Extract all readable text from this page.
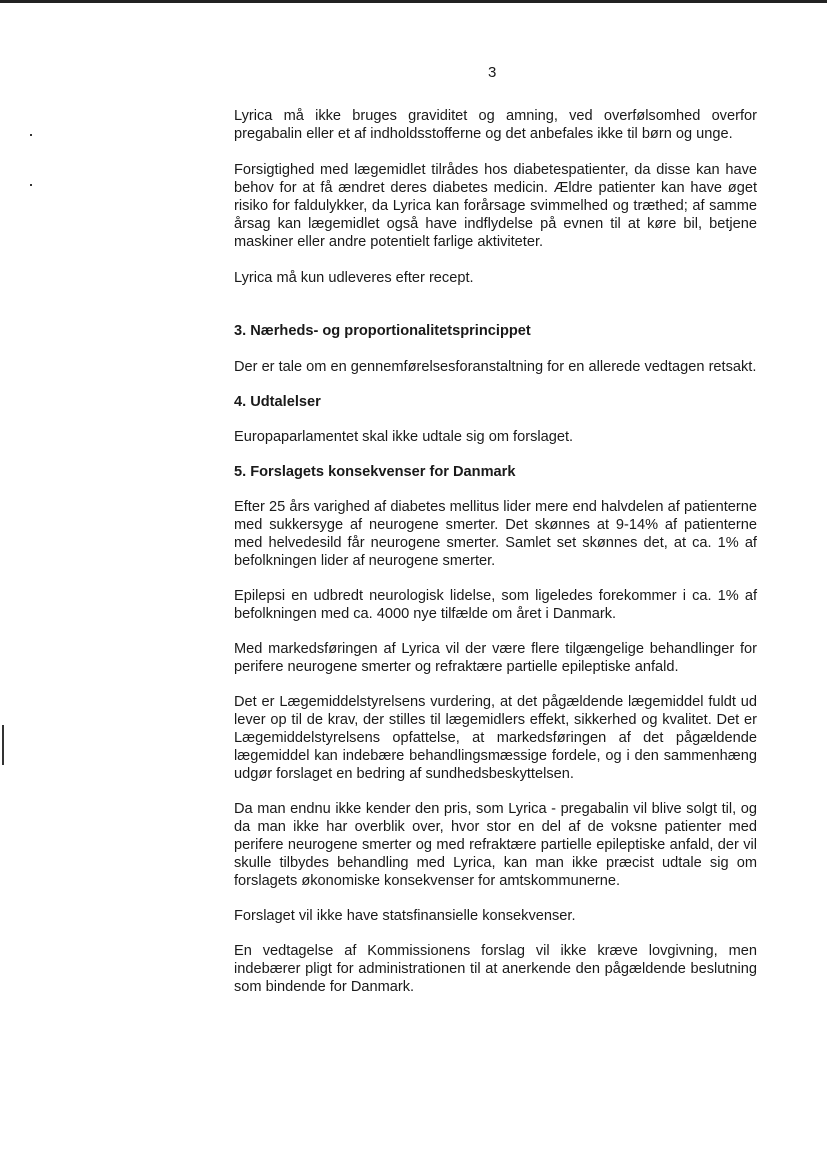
3

Lyrica må ikke bruges graviditet og amning, ved overfølsomhed overfor pregabalin eller et af indholdsstofferne og det anbefales ikke til børn og unge.

Forsigtighed med lægemidlet tilrådes hos diabetespatienter, da disse kan have behov for at få ændret deres diabetes medicin. Ældre patienter kan have øget risiko for faldulykker, da Lyrica kan forårsage svimmelhed og træthed; af samme årsag kan lægemidlet også have indflydelse på evnen til at køre bil, betjene maskiner eller andre potentielt farlige aktiviteter.

Lyrica må kun udleveres efter recept.

3. Nærheds- og proportionalitetsprincippet

Der er tale om en gennemførelsesforanstaltning for en allerede vedtagen retsakt.

4. Udtalelser

Europaparlamentet skal ikke udtale sig om forslaget.

5. Forslagets konsekvenser for Danmark

Efter 25 års varighed af diabetes mellitus lider mere end halvdelen af patienterne med sukkersyge af neurogene smerter. Det skønnes at 9-14% af patienterne med helvedesild får neurogene smerter. Samlet set skønnes det, at ca. 1% af befolkningen lider af neurogene smerter.

Epilepsi en udbredt neurologisk lidelse, som ligeledes forekommer i ca. 1% af befolkningen med ca. 4000 nye tilfælde om året i Danmark.

Med markedsføringen af Lyrica vil der være flere tilgængelige behandlinger for perifere neurogene smerter og refraktære partielle epileptiske anfald.

Det er Lægemiddelstyrelsens vurdering, at det pågældende lægemiddel fuldt ud lever op til de krav, der stilles til lægemidlers effekt, sikkerhed og kvalitet. Det er Lægemiddelstyrelsens opfattelse, at markedsføringen af det pågældende lægemiddel kan indebære behandlingsmæssige fordele, og i den sammenhæng udgør forslaget en bedring af sundhedsbeskyttelsen.

Da man endnu ikke kender den pris, som Lyrica - pregabalin vil blive solgt til, og da man ikke har overblik over, hvor stor en del af de voksne patienter med perifere neurogene smerter og med refraktære partielle epileptiske anfald, der vil skulle tilbydes behandling med Lyrica, kan man ikke præcist udtale sig om forslagets økonomiske konsekvenser for amtskommunerne.

Forslaget vil ikke have statsfinansielle konsekvenser.

En vedtagelse af Kommissionens forslag vil ikke kræve lovgivning, men indebærer pligt for administrationen til at anerkende den pågældende beslutning som bindende for Danmark.
